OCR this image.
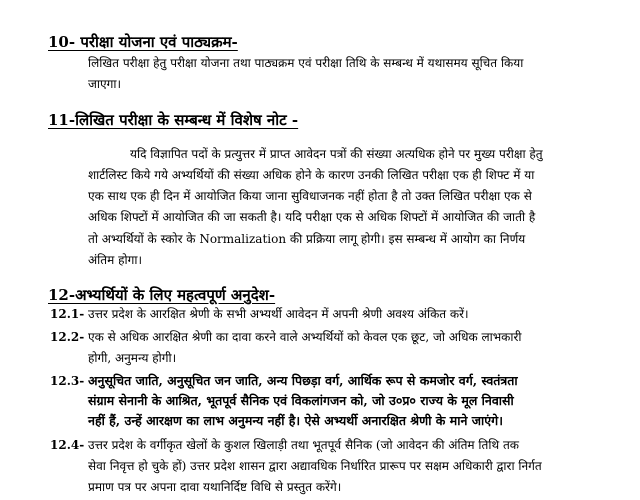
10- परीक्षा योजना एवं पाठ्यक्रम-
लिखित परीक्षा हेतु परीक्षा योजना तथा पाठ्यक्रम एवं परीक्षा तिथि के सम्बन्ध में यथासमय सूचित किया
जाएगा।
11-लिखित परीक्षा के सम्बन्ध में विशेष नोट -
यदि विज्ञापित पदों के प्रत्युत्तर में प्राप्त आवेदन पत्रों की संख्या अत्यधिक होने पर मुख्य परीक्षा हेतु
शार्टलिस्ट किये गये अभ्यर्थियों की संख्या अधिक होने के कारण उनकी लिखित परीक्षा एक ही शिफ्ट में या
एक साथ एक ही दिन में आयोजित किया जाना सुविधाजनक नहीं होता है तो उक्त लिखित परीक्षा एक से
अधिक शिफ्टों में आयोजित की जा सकती है। यदि परीक्षा एक से अधिक शिफ्टों में आयोजित की जाती है
तो अभ्यर्थियों के स्कोर के Normalization की प्रक्रिया लागू होगी। इस सम्बन्ध में आयोग का निर्णय
अंतिम होगा।
12-अभ्यर्थियों के लिए महत्वपूर्ण अनुदेश-
12.1- उत्तर प्रदेश के आरक्षित श्रेणी के सभी अभ्यर्थी आवेदन में अपनी श्रेणी अवश्य अंकित करें।
12.2- एक से अधिक आरक्षित श्रेणी का दावा करने वाले अभ्यर्थियों को केवल एक छूट, जो अधिक लाभकारी
होगी, अनुमन्य होगी।
12.3- अनुसूचित जाति, अनुसूचित जन जाति, अन्य पिछड़ा वर्ग, आर्थिक रूप से कमजोर वर्ग, स्वतंत्रता
संग्राम सेनानी के आश्रित, भूतपूर्व सैनिक एवं विकलांगजन को, जो उ०प्र० राज्य के मूल निवासी
नहीं हैं, उन्हें आरक्षण का लाभ अनुमन्य नहीं है। ऐसे अभ्यर्थी अनारक्षित श्रेणी के माने जाएंगे।
12.4- उत्तर प्रदेश के वर्गीकृत खेलों के कुशल खिलाड़ी तथा भूतपूर्व सैनिक (जो आवेदन की अंतिम तिथि तक
सेवा निवृत्त हो चुके हों) उत्तर प्रदेश शासन द्वारा अद्यावधिक निर्धारित प्रारूप पर सक्षम अधिकारी द्वारा निर्गत
प्रमाण पत्र पर अपना दावा यथानिर्दिष्ट विधि से प्रस्तुत करेंगे।
